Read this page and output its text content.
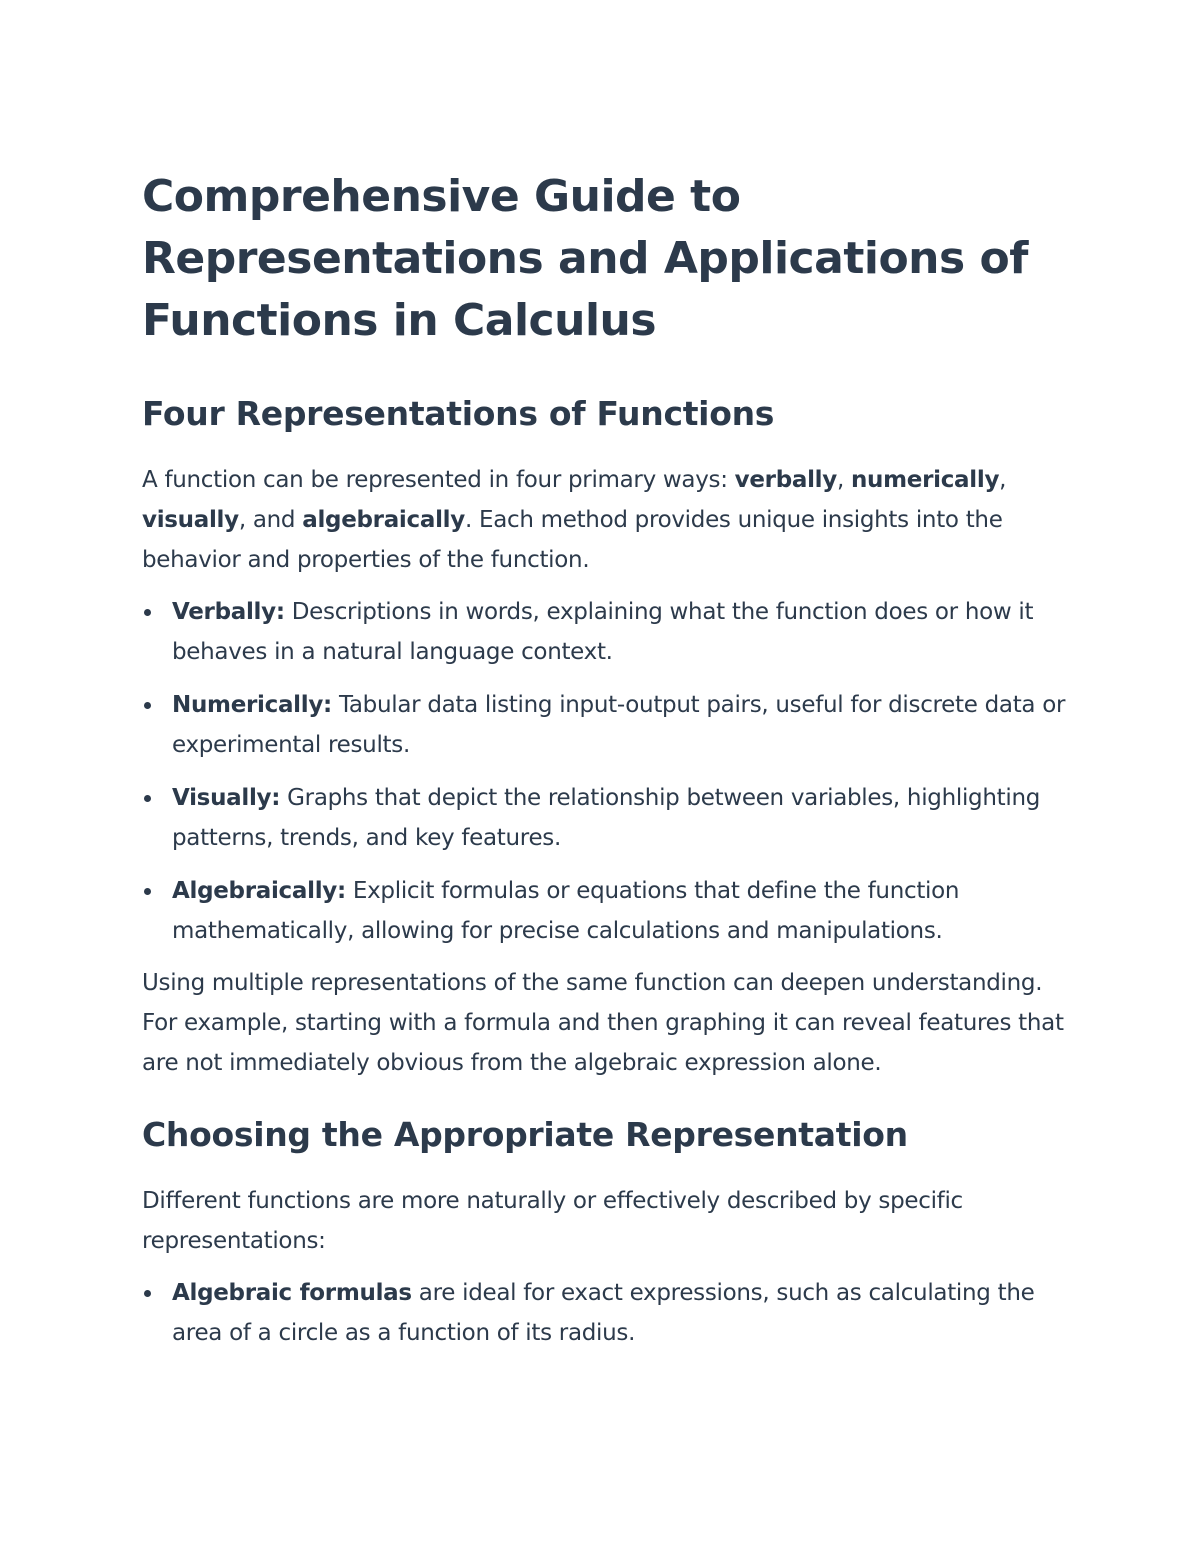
Comprehensive Guide to Representations and Applications of Functions in Calculus
Four Representations of Functions

A function can be represented in four primary ways: verbally, numerically, visually, and algebraically. Each method provides unique insights into the behavior and properties of the function.

Verbally: Descriptions in words, explaining what the function does or how it behaves in a natural language context.
Numerically: Tabular data listing input-output pairs, useful for discrete data or experimental results.
Visually: Graphs that depict the relationship between variables, highlighting patterns, trends, and key features.
Algebraically: Explicit formulas or equations that define the function mathematically, allowing for precise calculations and manipulations.

Using multiple representations of the same function can deepen understanding. For example, starting with a formula and then graphing it can reveal features that are not immediately obvious from the algebraic expression alone.

Choosing the Appropriate Representation

Different functions are more naturally or effectively described by specific representations:

Algebraic formulas are ideal for exact expressions, such as calculating the area of a circle as a function of its radius.
